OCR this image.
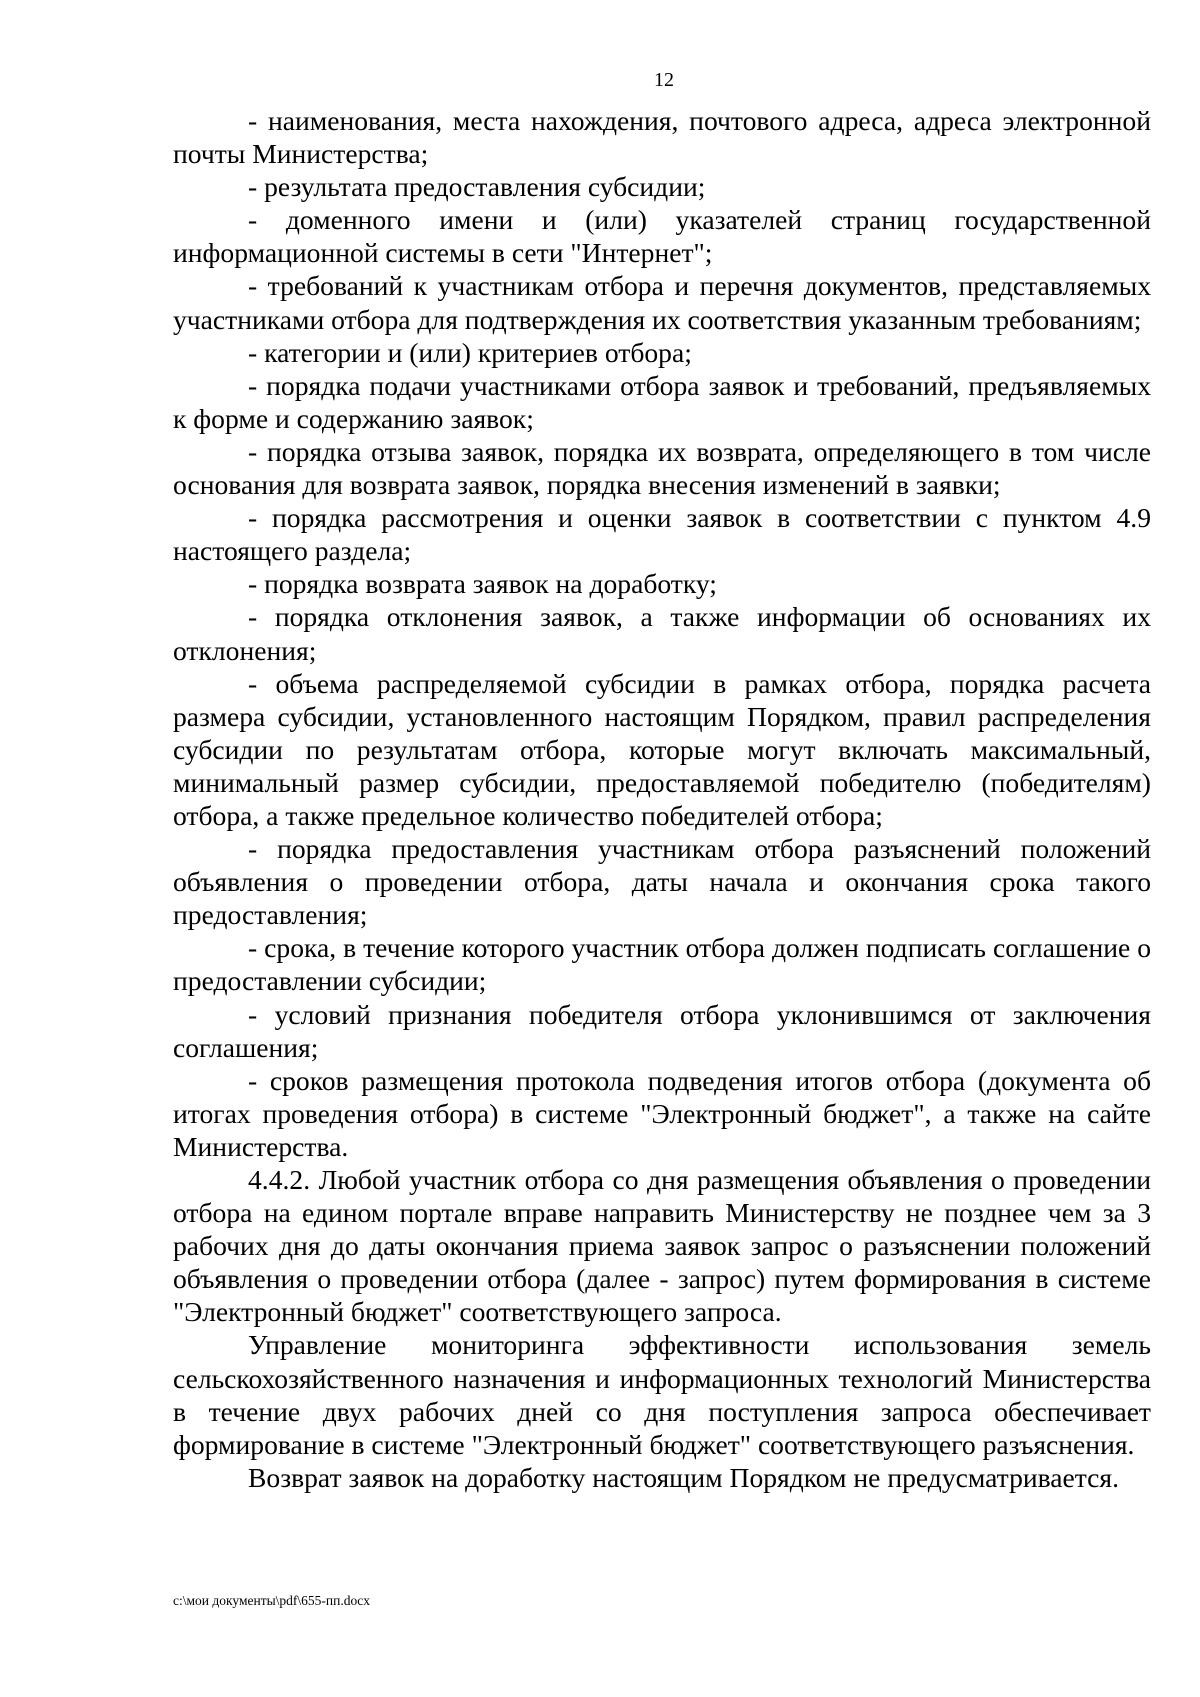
12

- наименования, места нахождения, почтового адреса, адреса электронной почты Министерства;

- результата предоставления субсидии;

- доменного имени и (или) указателей страниц государственной информационной системы в сети "Интернет";

- требований к участникам отбора и перечня документов, представляемых участниками отбора для подтверждения их соответствия указанным требованиям;

- категории и (или) критериев отбора;

- порядка подачи участниками отбора заявок и требований, предъявляемых к форме и содержанию заявок;

- порядка отзыва заявок, порядка их возврата, определяющего в том числе основания для возврата заявок, порядка внесения изменений в заявки;

- порядка рассмотрения и оценки заявок в соответствии с пунктом 4.9 настоящего раздела;

- порядка возврата заявок на доработку;

- порядка отклонения заявок, а также информации об основаниях их отклонения;

- объема распределяемой субсидии в рамках отбора, порядка расчета размера субсидии, установленного настоящим Порядком, правил распределения субсидии по результатам отбора, которые могут включать максимальный, минимальный размер субсидии, предоставляемой победителю (победителям) отбора, а также предельное количество победителей отбора;

- порядка предоставления участникам отбора разъяснений положений объявления о проведении отбора, даты начала и окончания срока такого предоставления;

- срока, в течение которого участник отбора должен подписать соглашение о предоставлении субсидии;

- условий признания победителя отбора уклонившимся от заключения соглашения;

- сроков размещения протокола подведения итогов отбора (документа об итогах проведения отбора) в системе "Электронный бюджет", а также на сайте Министерства.

4.4.2. Любой участник отбора со дня размещения объявления о проведении отбора на едином портале вправе направить Министерству не позднее чем за 3 рабочих дня до даты окончания приема заявок запрос о разъяснении положений объявления о проведении отбора (далее - запрос) путем формирования в системе "Электронный бюджет" соответствующего запроса.

Управление мониторинга эффективности использования земель сельскохозяйственного назначения и информационных технологий Министерства в течение двух рабочих дней со дня поступления запроса обеспечивает формирование в системе "Электронный бюджет" соответствующего разъяснения.

Возврат заявок на доработку настоящим Порядком не предусматривается.

c:\мои документы\pdf\655-пп.docx
